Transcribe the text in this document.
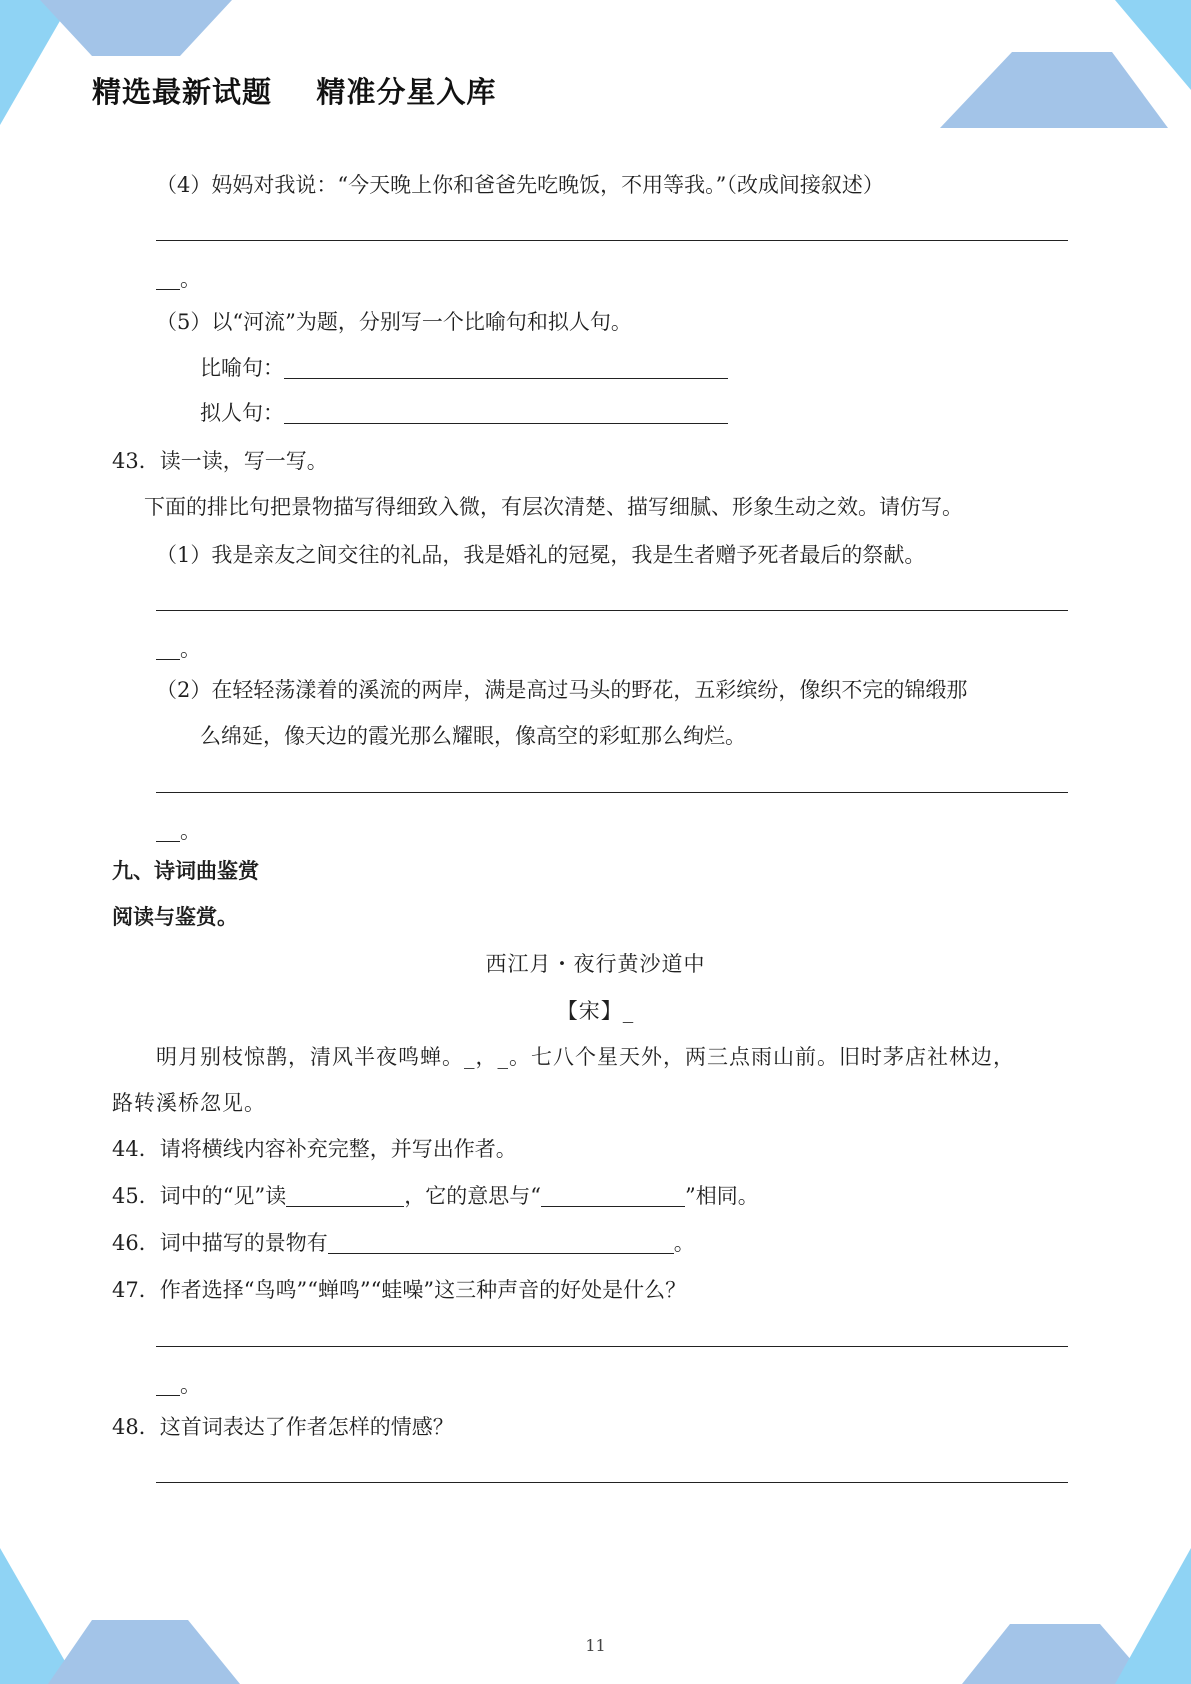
精选最新试题    精准分星入库
（4）妈妈对我说：“今天晚上你和爸爸先吃晚饭，不用等我。”（改成间接叙述）
。
（5）以“河流”为题，分别写一个比喻句和拟人句。
比喻句：
拟人句：
43．读一读，写一写。
下面的排比句把景物描写得细致入微，有层次清楚、描写细腻、形象生动之效。请仿写。
（1）我是亲友之间交往的礼品，我是婚礼的冠冕，我是生者赠予死者最后的祭献。
。
（2）在轻轻荡漾着的溪流的两岸，满是高过马头的野花，五彩缤纷，像织不完的锦缎那
么绵延，像天边的霞光那么耀眼，像高空的彩虹那么绚烂。
。
九、诗词曲鉴赏
阅读与鉴赏。
西江月・夜行黄沙道中
【宋】_
明月别枝惊鹊，清风半夜鸣蝉。_，_。七八个星天外，两三点雨山前。旧时茅店社林边，
路转溪桥忽见。
44．请将横线内容补充完整，并写出作者。
45．词中的“见”读	，它的意思与“	”相同。
46．词中描写的景物有	。
47．作者选择“鸟鸣”“蝉鸣”“蛙噪”这三种声音的好处是什么？
。
48．这首词表达了作者怎样的情感？
11
